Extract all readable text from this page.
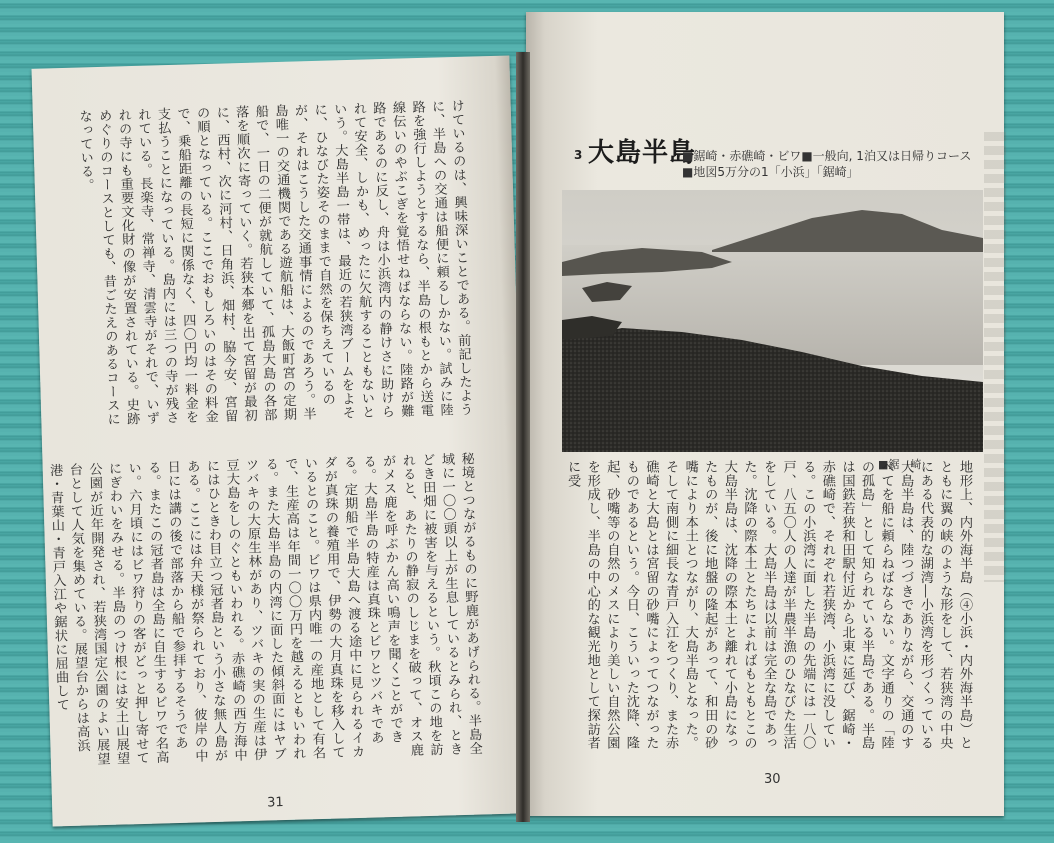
けているのは、興味深いことである。前記したように、半島への交通は船便に頼るしかない。試みに陸路を強行しようとするなら、半島の根もとから送電線伝いのやぶこぎを覚悟せねばならない。陸路が難路であるのに反し、舟は小浜湾内の静けさに助けられて安全、しかも、めったに欠航することもないという。大島半島一帯は、最近の若狭湾ブームをよそに、ひなびた姿そのままで自然を保ちえているのが、それはこうした交通事情によるのであろう。半島唯一の交通機関である遊航船は、大飯町宮の定期船で、一日の二便が就航していて、孤島大島の各部落を順次に寄っていく。若狭本郷を出て宮留が最初に、西村、次に河村、日角浜、畑村、脇今安、宮留の順となっている。ここでおもしろいのはその料金で、乗船距離の長短に関係なく、四〇円均一料金を支払うことになっている。島内には三つの寺が残されている。長楽寺、常禅寺、清雲寺がそれで、いずれの寺にも重要文化財の像が安置されている。史跡めぐりのコースとしても、昔ごたえのあるコースになっている。
秘境とつながるものに野鹿があげられる。半島全域に一〇〇頭以上が生息しているとみられ、ときどき田畑に被害を与えるという。秋頃この地を訪れると、あたりの静寂のしじまを破って、オス鹿がメス鹿を呼ぶかん高い鳴声を聞くことができる。大島半島の特産は真珠とビワとツバキである。定期船で半島大島へ渡る途中に見られるイカダが真珠の養殖用で、伊勢の大月真珠を移入しているとのこと。ビワは県内唯一の産地として有名で、生産高は年間一〇〇万円を越えるともいわれる。また大島半島の内湾に面した傾斜面にはヤブツバキの大原生林があり、ツバキの実の生産は伊豆大島をしのぐともいわれる。赤礁崎の西方海中にはひときわ目立つ冠者島という小さな無人島がある。ここには弁天様が祭られており、彼岸の中日には講の後で部落から船で参拝するそうである。またこの冠者島は全島に自生するビワで名高い。六月頃にはビワ狩りの客がどっと押し寄せてにぎわいをみせる。半島のつけ根には安土山展望公園が近年開発され、若狭湾国定公園のよい展望台として人気を集めている。展望台からは高浜港・青葉山・青戸入江や鋸状に屈曲して
31
3 大島半島
■鋸崎・赤礁崎・ビワ■一般向, 1泊又は日帰りコース
■地図5万分の1「小浜」「鋸崎」
■鋸　崎	地形上、内外海半島（➃小浜・内外海半島）とともに翼の峡のような形をして、若狭湾の中央にある代表的な湖湾―小浜湾を形づくっている大島半島は、陸つづきでありながら、交通のすべてを船に頼らねばならない。文字通りの「陸の孤島」として知られている半島である。半島は国鉄若狭和田駅付近から北東に延び、鋸崎・赤礁崎で、それぞれ若狭湾、小浜湾に没している。この小浜湾に面した半島の先端には一八〇戸、八五〇人の人達が半農半漁のひなびた生活をしている。大島半島は以前は完全な島であった。沈降の際本土とたちによればもともとこの大島半島は、沈降の際本土と離れて小島になったものが、後に地盤の隆起があって、和田の砂嘴により本土とつながり、大島半島となった。そして南側に細長な青戸入江をつくり、また赤礁崎と大島とは宮留の砂嘴によってつながったものであるという。今日、こういった沈降、隆起、砂嘴等の自然のメスにより美しい自然公園を形成し、半島の中心的な観光地として探訪者に受
30
